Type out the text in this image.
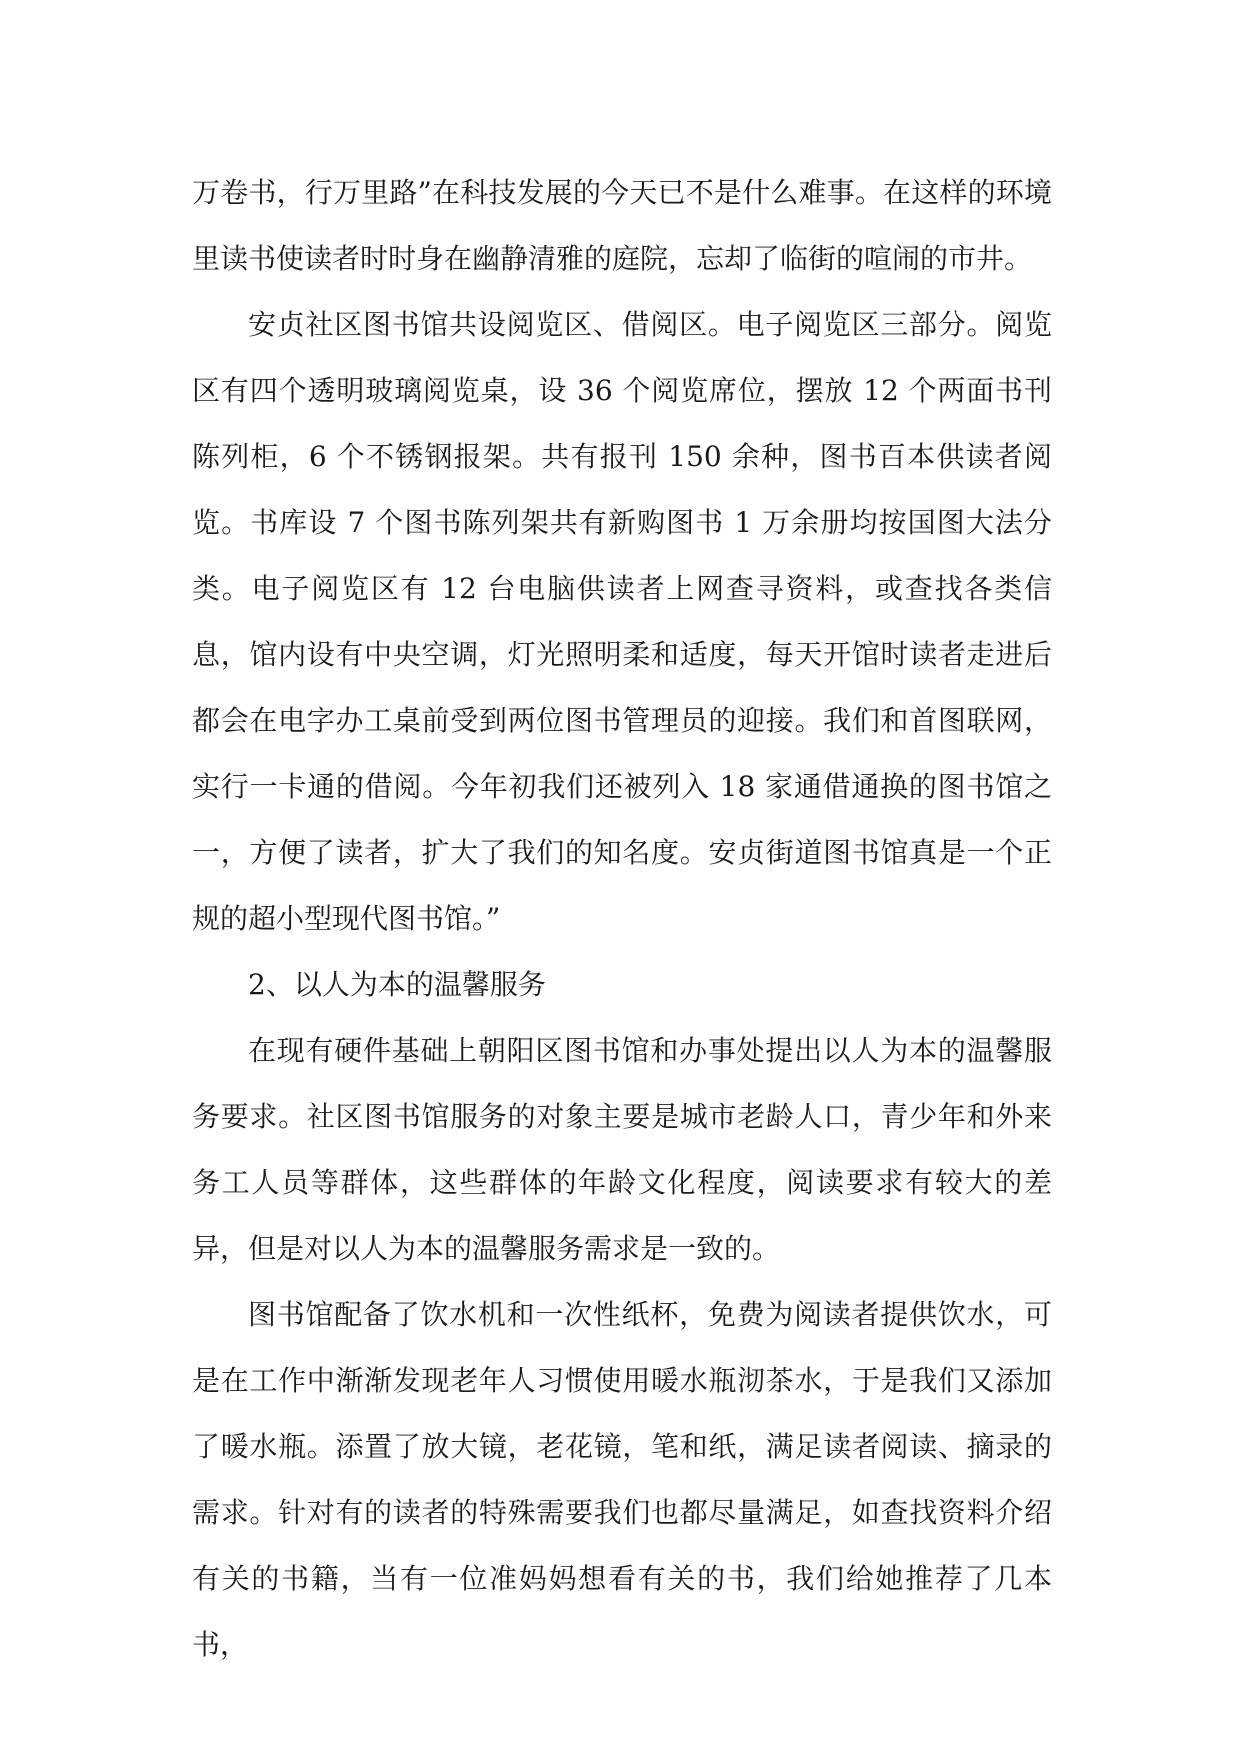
万卷书，行万里路”在科技发展的今天已不是什么难事。在这样的环境里读书使读者时时身在幽静清雅的庭院，忘却了临街的喧闹的市井。

安贞社区图书馆共设阅览区、借阅区。电子阅览区三部分。阅览区有四个透明玻璃阅览桌，设 36 个阅览席位，摆放 12 个两面书刊陈列柜，6 个不锈钢报架。共有报刊 150 余种，图书百本供读者阅览。书库设 7 个图书陈列架共有新购图书 1 万余册均按国图大法分类。电子阅览区有 12 台电脑供读者上网查寻资料，或查找各类信息，馆内设有中央空调，灯光照明柔和适度，每天开馆时读者走进后都会在电字办工桌前受到两位图书管理员的迎接。我们和首图联网，实行一卡通的借阅。今年初我们还被列入 18 家通借通换的图书馆之一，方便了读者，扩大了我们的知名度。安贞街道图书馆真是一个正规的超小型现代图书馆。”

2、以人为本的温馨服务

在现有硬件基础上朝阳区图书馆和办事处提出以人为本的温馨服务要求。社区图书馆服务的对象主要是城市老龄人口，青少年和外来务工人员等群体，这些群体的年龄文化程度，阅读要求有较大的差异，但是对以人为本的温馨服务需求是一致的。

图书馆配备了饮水机和一次性纸杯，免费为阅读者提供饮水，可是在工作中渐渐发现老年人习惯使用暖水瓶沏茶水，于是我们又添加了暖水瓶。添置了放大镜，老花镜，笔和纸，满足读者阅读、摘录的需求。针对有的读者的特殊需要我们也都尽量满足，如查找资料介绍有关的书籍，当有一位准妈妈想看有关的书，我们给她推荐了几本书，
